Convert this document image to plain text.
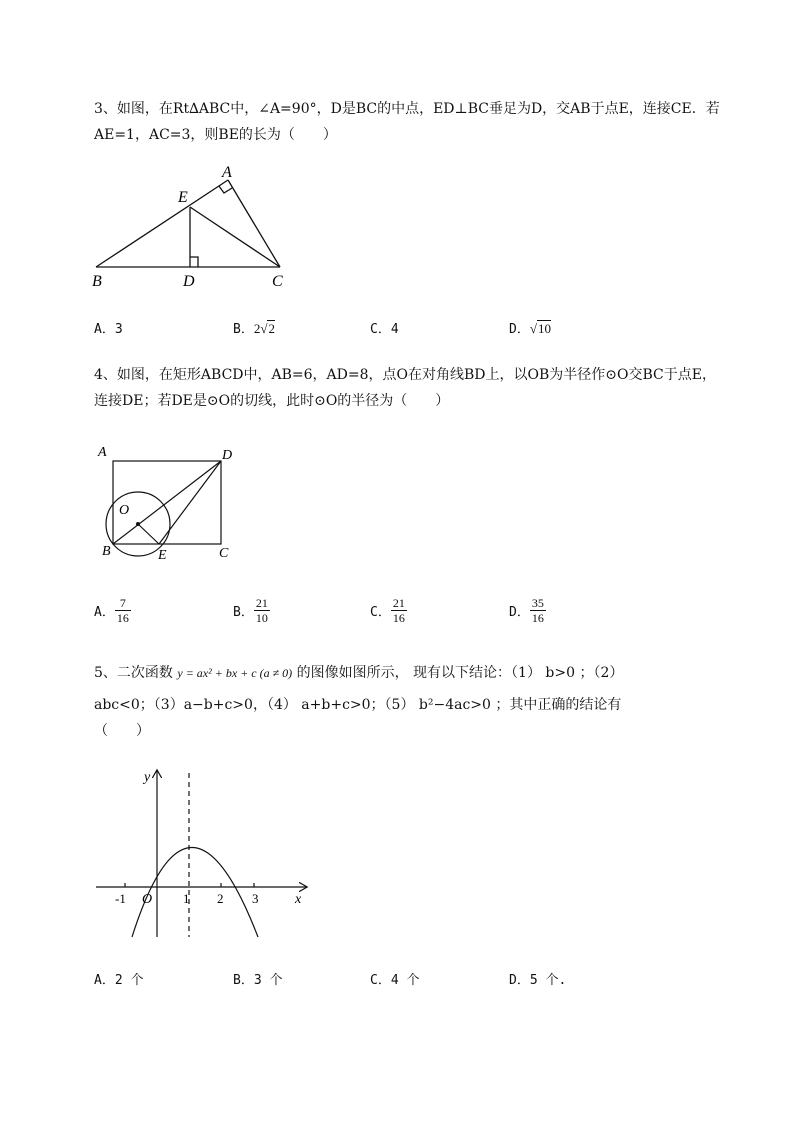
3、如图，在Rt∆ABC中，∠A=90°，D是BC的中点，ED⊥BC垂足为D，交AB于点E，连接CE．若
AE=1，AC=3，则BE的长为（　　）
A
E
B	D	C
A．3	B．2√2	C．4	D．√10
4、如图，在矩形ABCD中，AB=6，AD=8，点O在对角线BD上，以OB为半径作⊙O交BC于点E，
连接DE；若DE是⊙O的切线，此时⊙O的半径为（　　）
A	D
O
B	E	C
A． $\frac{7}{16}$	B． $\frac{21}{10}$	C． $\frac{21}{16}$	D． $\frac{35}{16}$
5、二次函数 y = ax² + bx + c (a ≠ 0) 的图像如图所示， 现有以下结论：（1） b>0 ；（2）
abc<0；（3）a−b+c>0，（4） a+b+c>0；（5） b²−4ac>0 ；其中正确的结论有
（　　）
y
x
O
-1	1 2 3
A．2 个	B．3 个	C．4 个	D．5 个.
